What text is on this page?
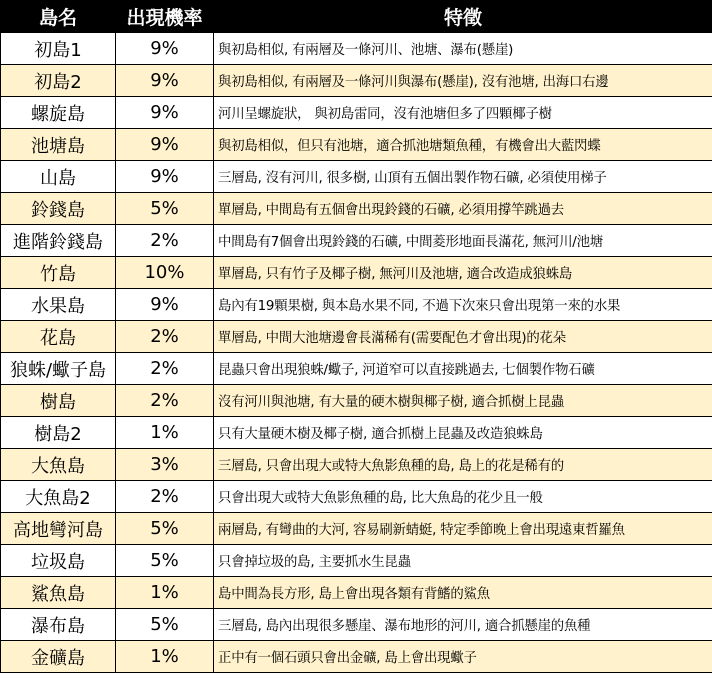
島名	出現機率	特徵
初島1	9%	與初島相似, 有兩層及一條河川、池塘、瀑布(懸崖)
初島2	9%	與初島相似, 有兩層及一條河川與瀑布(懸崖), 沒有池塘, 出海口右邊
螺旋島	9%	河川呈螺旋狀， 與初島雷同，沒有池塘但多了四顆椰子樹
池塘島	9%	與初島相似，但只有池塘，適合抓池塘類魚種，有機會出大藍閃蝶
山島	9%	三層島, 沒有河川, 很多樹, 山頂有五個出製作物石礦, 必須使用梯子
鈴錢島	5%	單層島, 中間島有五個會出現鈴錢的石礦, 必須用撐竿跳過去
進階鈴錢島	2%	中間島有7個會出現鈴錢的石礦, 中間菱形地面長滿花, 無河川/池塘
竹島	10%	單層島, 只有竹子及椰子樹, 無河川及池塘, 適合改造成狼蛛島
水果島	9%	島內有19顆果樹, 與本島水果不同, 不過下次來只會出現第一來的水果
花島	2%	單層島, 中間大池塘邊會長滿稀有(需要配色才會出現)的花朵
狼蛛/蠍子島	2%	昆蟲只會出現狼蛛/蠍子, 河道窄可以直接跳過去, 七個製作物石礦
樹島	2%	沒有河川與池塘, 有大量的硬木樹與椰子樹, 適合抓樹上昆蟲
樹島2	1%	只有大量硬木樹及椰子樹, 適合抓樹上昆蟲及改造狼蛛島
大魚島	3%	三層島, 只會出現大或特大魚影魚種的島, 島上的花是稀有的
大魚島2	2%	只會出現大或特大魚影魚種的島, 比大魚島的花少且一般
高地彎河島	5%	兩層島, 有彎曲的大河, 容易刷新蜻蜓, 特定季節晚上會出現遠東哲羅魚
垃圾島	5%	只會掉垃圾的島, 主要抓水生昆蟲
鯊魚島	1%	島中間為長方形, 島上會出現各類有背鰭的鯊魚
瀑布島	5%	三層島, 島內出現很多懸崖、瀑布地形的河川, 適合抓懸崖的魚種
金礦島	1%	正中有一個石頭只會出金礦, 島上會出現蠍子
